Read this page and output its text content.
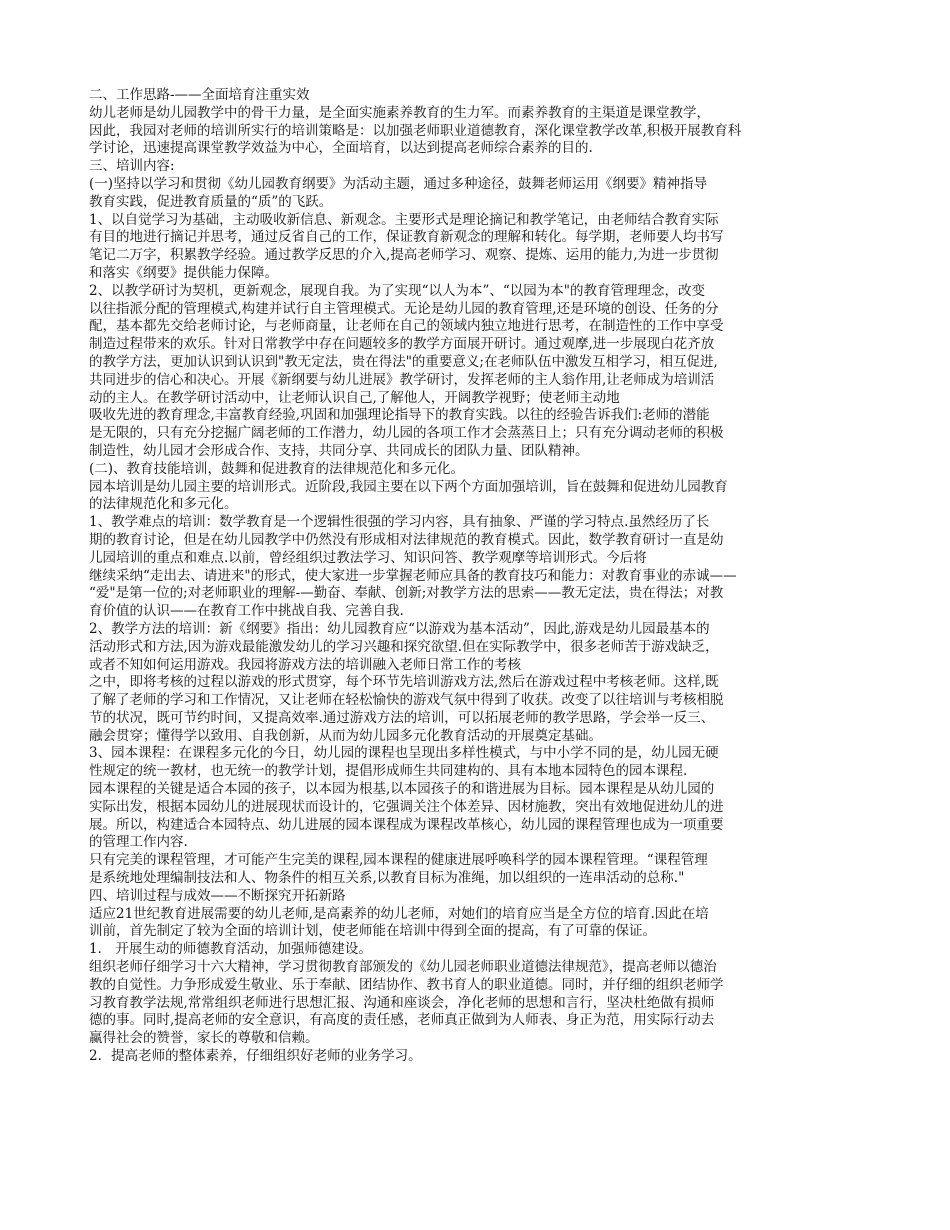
二、工作思路-——全面培育注重实效
幼儿老师是幼儿园教学中的骨干力量，是全面实施素养教育的生力军。而素养教育的主渠道是课堂教学，
因此，我园对老师的培训所实行的培训策略是：以加强老师职业道德教育，深化课堂教学改革,积极开展教育科
学讨论，迅速提高课堂教学效益为中心，全面培育，以达到提高老师综合素养的目的.
三、培训内容:
(一)坚持以学习和贯彻《幼儿园教育纲要》为活动主题，通过多种途径，鼓舞老师运用《纲要》精神指导
教育实践，促进教育质量的“质”的飞跃。
1、以自觉学习为基础，主动吸收新信息、新观念。主要形式是理论摘记和教学笔记，由老师结合教育实际
有目的地进行摘记并思考，通过反省自己的工作，保证教育新观念的理解和转化。每学期，老师要人均书写
笔记二万字，积累教学经验。通过教学反思的介入,提高老师学习、观察、提炼、运用的能力,为进一步贯彻
和落实《纲要》提供能力保障。
2、以教学研讨为契机，更新观念，展现自我。为了实现“以人为本”、“以园为本"的教育管理理念，改变
以往指派分配的管理模式,构建并试行自主管理模式。无论是幼儿园的教育管理,还是环境的创设、任务的分
配，基本都先交给老师讨论，与老师商量，让老师在自己的领域内独立地进行思考，在制造性的工作中享受
制造过程带来的欢乐。针对日常教学中存在问题较多的教学方面展开研讨。通过观摩,进一步展现白花齐放
的教学方法，更加认识到认识到"教无定法，贵在得法"的重要意义;在老师队伍中激发互相学习，相互促进,
共同进步的信心和决心。开展《新纲要与幼儿进展》教学研讨，发挥老师的主人翁作用,让老师成为培训活
动的主人。在教学研讨活动中，让老师认识自己,了解他人，开阔教学视野；使老师主动地
吸收先进的教育理念,丰富教育经验,巩固和加强理论指导下的教育实践。以往的经验告诉我们:老师的潜能
是无限的，只有充分挖掘广阔老师的工作潜力，幼儿园的各项工作才会蒸蒸日上；只有充分调动老师的积极
制造性，幼儿园才会形成合作、支持，共同分享、共同成长的团队力量、团队精神。
(二)、教育技能培训，鼓舞和促进教育的法律规范化和多元化。
园本培训是幼儿园主要的培训形式。近阶段,我园主要在以下两个方面加强培训，旨在鼓舞和促进幼儿园教育
的法律规范化和多元化。
1、教学难点的培训：数学教育是一个逻辑性很强的学习内容，具有抽象、严谨的学习特点.虽然经历了长
期的教育讨论，但是在幼儿园教学中仍然没有形成相对法律规范的教育模式。因此，数学教育研讨一直是幼
儿园培训的重点和难点.以前，曾经组织过教法学习、知识问答、教学观摩等培训形式。今后将
继续采纳“走出去、请进来"的形式，使大家进一步掌握老师应具备的教育技巧和能力：对教育事业的赤诚——
“爱"是第一位的;对老师职业的理解-—勤奋、奉献、创新;对教学方法的思索——教无定法，贵在得法；对教
育价值的认识——在教育工作中挑战自我、完善自我.
2、教学方法的培训：新《纲要》指出：幼儿园教育应“以游戏为基本活动”，因此,游戏是幼儿园最基本的
活动形式和方法,因为游戏最能激发幼儿的学习兴趣和探究欲望.但在实际教学中，很多老师苦于游戏缺乏，
或者不知如何运用游戏。我园将游戏方法的培训融入老师日常工作的考核
之中，即将考核的过程以游戏的形式贯穿，每个环节先培训游戏方法,然后在游戏过程中考核老师。这样,既
了解了老师的学习和工作情况，又让老师在轻松愉快的游戏气氛中得到了收获。改变了以往培训与考核相脱
节的状况，既可节约时间，又提高效率.通过游戏方法的培训，可以拓展老师的教学思路，学会举一反三、
融会贯穿；懂得学以致用、自我创新，从而为幼儿园多元化教育活动的开展奠定基础。
3、园本课程：在课程多元化的今日，幼儿园的课程也呈现出多样性模式，与中小学不同的是，幼儿园无硬
性规定的统一教材，也无统一的教学计划，提倡形成师生共同建构的、具有本地本园特色的园本课程.
园本课程的关键是适合本园的孩子，以本园为根基,以本园孩子的和谐进展为目标。园本课程是从幼儿园的
实际出发，根据本园幼儿的进展现状而设计的，它强调关注个体差异、因材施教，突出有效地促进幼儿的进
展。所以，构建适合本园特点、幼儿进展的园本课程成为课程改革核心，幼儿园的课程管理也成为一项重要
的管理工作内容.
只有完美的课程管理，才可能产生完美的课程,园本课程的健康进展呼唤科学的园本课程管理。“课程管理
是系统地处理编制技法和人、物条件的相互关系,以教育目标为准绳，加以组织的一连串活动的总称."
四、培训过程与成效——不断探究开拓新路
适应21世纪教育进展需要的幼儿老师,是高素养的幼儿老师，对她们的培育应当是全方位的培育.因此在培
训前，首先制定了较为全面的培训计划，使老师能在培训中得到全面的提高，有了可靠的保证。
1． 开展生动的师德教育活动，加强师德建设。
组织老师仔细学习十六大精神，学习贯彻教育部颁发的《幼儿园老师职业道德法律规范》，提高老师以德治
教的自觉性。力争形成爱生敬业、乐于奉献、团结协作、教书育人的职业道德。同时，并仔细的组织老师学
习教育教学法规,常常组织老师进行思想汇报、沟通和座谈会，净化老师的思想和言行，坚决杜绝做有损师
德的事。同时,提高老师的安全意识，有高度的责任感，老师真正做到为人师表、身正为范，用实际行动去
赢得社会的赞誉，家长的尊敬和信赖。
2．提高老师的整体素养，仔细组织好老师的业务学习。
